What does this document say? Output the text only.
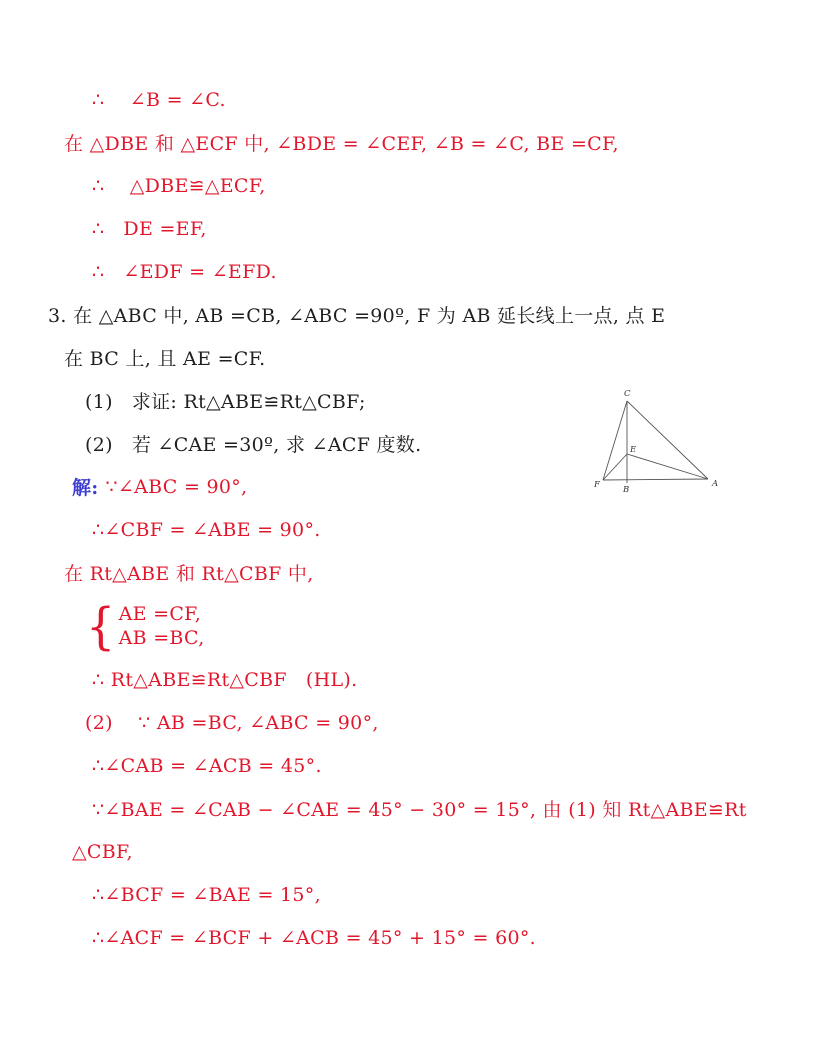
∴    ∠B = ∠C.
在 △DBE 和 △ECF 中, ∠BDE = ∠CEF, ∠B = ∠C, BE =CF,
∴    △DBE≌△ECF,
∴   DE =EF,
∴   ∠EDF = ∠EFD.
3. 在 △ABC 中, AB =CB, ∠ABC =90º, F 为 AB 延长线上一点, 点 E
在 BC 上, 且 AE =CF.
(1)   求证: Rt△ABE≌Rt△CBF;
(2)   若 ∠CAE =30º, 求 ∠ACF 度数.
解: ∵∠ABC = 90°,
∴∠CBF = ∠ABE = 90°.
在 Rt△ABE 和 Rt△CBF 中,
{ AE =CF,
AB =BC,
∴ Rt△ABE≌Rt△CBF   (HL).
(2)    ∵ AB =BC, ∠ABC = 90°,
∴∠CAB = ∠ACB = 45°.
∵∠BAE = ∠CAB − ∠CAE = 45° − 30° = 15°, 由 (1) 知 Rt△ABE≌Rt
△CBF,
∴∠BCF = ∠BAE = 15°,
∴∠ACF = ∠BCF + ∠ACB = 45° + 15° = 60°.
C
E
F	B
A
